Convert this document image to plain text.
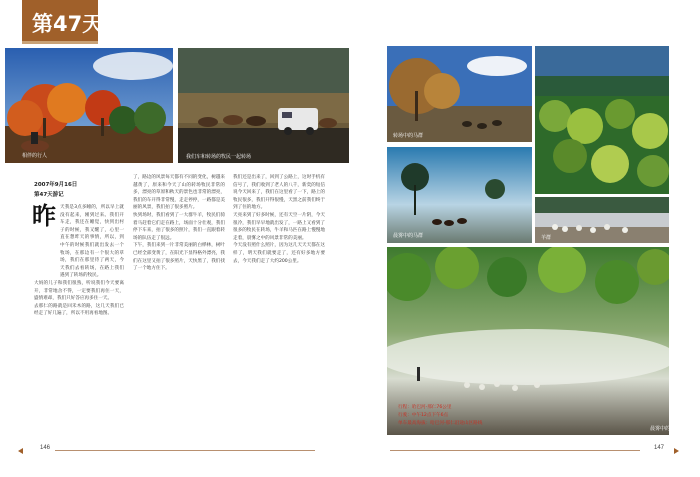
第47天
相伴的行人	我们车和转场的牧民一起转场
2007年9月16日
第47天游记
昨 天我是3点多睡的，所以早上就没有起来，刚到过来。我们开车走，我还在睡觉，快到出村子的时候，我又醒了，心里一直在想昨天的事情，所以，到中午的时候我们就出发去一个牧场，在那边有一个很大的草场，我们在那里待了两天，今天我们去看转场，在路上我们遇到了转场的牧民。

大妈的儿子和我们很熟，听说我们今天要离开，非常地舍不得，一定要我们再住一天，盛情难却，我们只好答应再多住一天。

去那仁的路就是回禾木的路，这几天我们已经走了好几遍了，所以不用再看地图。

了，路边的风景每天都有不同的变化，树越来越黄了，原来和今天了山的转场牧民非常的多，漂亮的草原和秋天的景色也非常的漂亮，我们的车开得非常慢，走走停停，一路都是美丽的风景，我们拍了很多照片。

快到场时，我们看到了一大群牛羊，牧民们骑着马赶着它们走在路上，场面十分壮观，我们停下车来，拍了很多的照片，我们一直跟着转场的队伍走了很远。

下午，我们来到一片非常美丽的白桦林，树叶已经全部变黄了，在阳光下显得格外漂亮，我们在这里又拍了很多照片，天快黑了，我们找了一个地方住下。

我们还是出来了，回到了公路上，这时手机有信号了，我们收到了老人的八千，新奕的短信说今天回来了，我们在这里看了一下，路上的牧民很多，我们开得很慢，天黑之前我们终于到了住的地方。

天亮来到了好多时候，还有天空一片阴，今天很冷，我们早早地就出发了，一路上又看到了很多的牧民在转场，牛羊和马匹在路上慢慢地走着，晨雾之中的风景非常的美丽。

今天没有照什么照片，因为这几天天天都在这样了，明天我们就要走了，还有好多地方要去，今天我们走了大约200公里。

转场中的马群
晨雾中的马群	羊群
晨雾中的羊群
行程：哈巴河-那仁76公里
行驶：中午12点下午6点
单车最高海拔：哈巴河-那仁沿途山区路线
146	147
